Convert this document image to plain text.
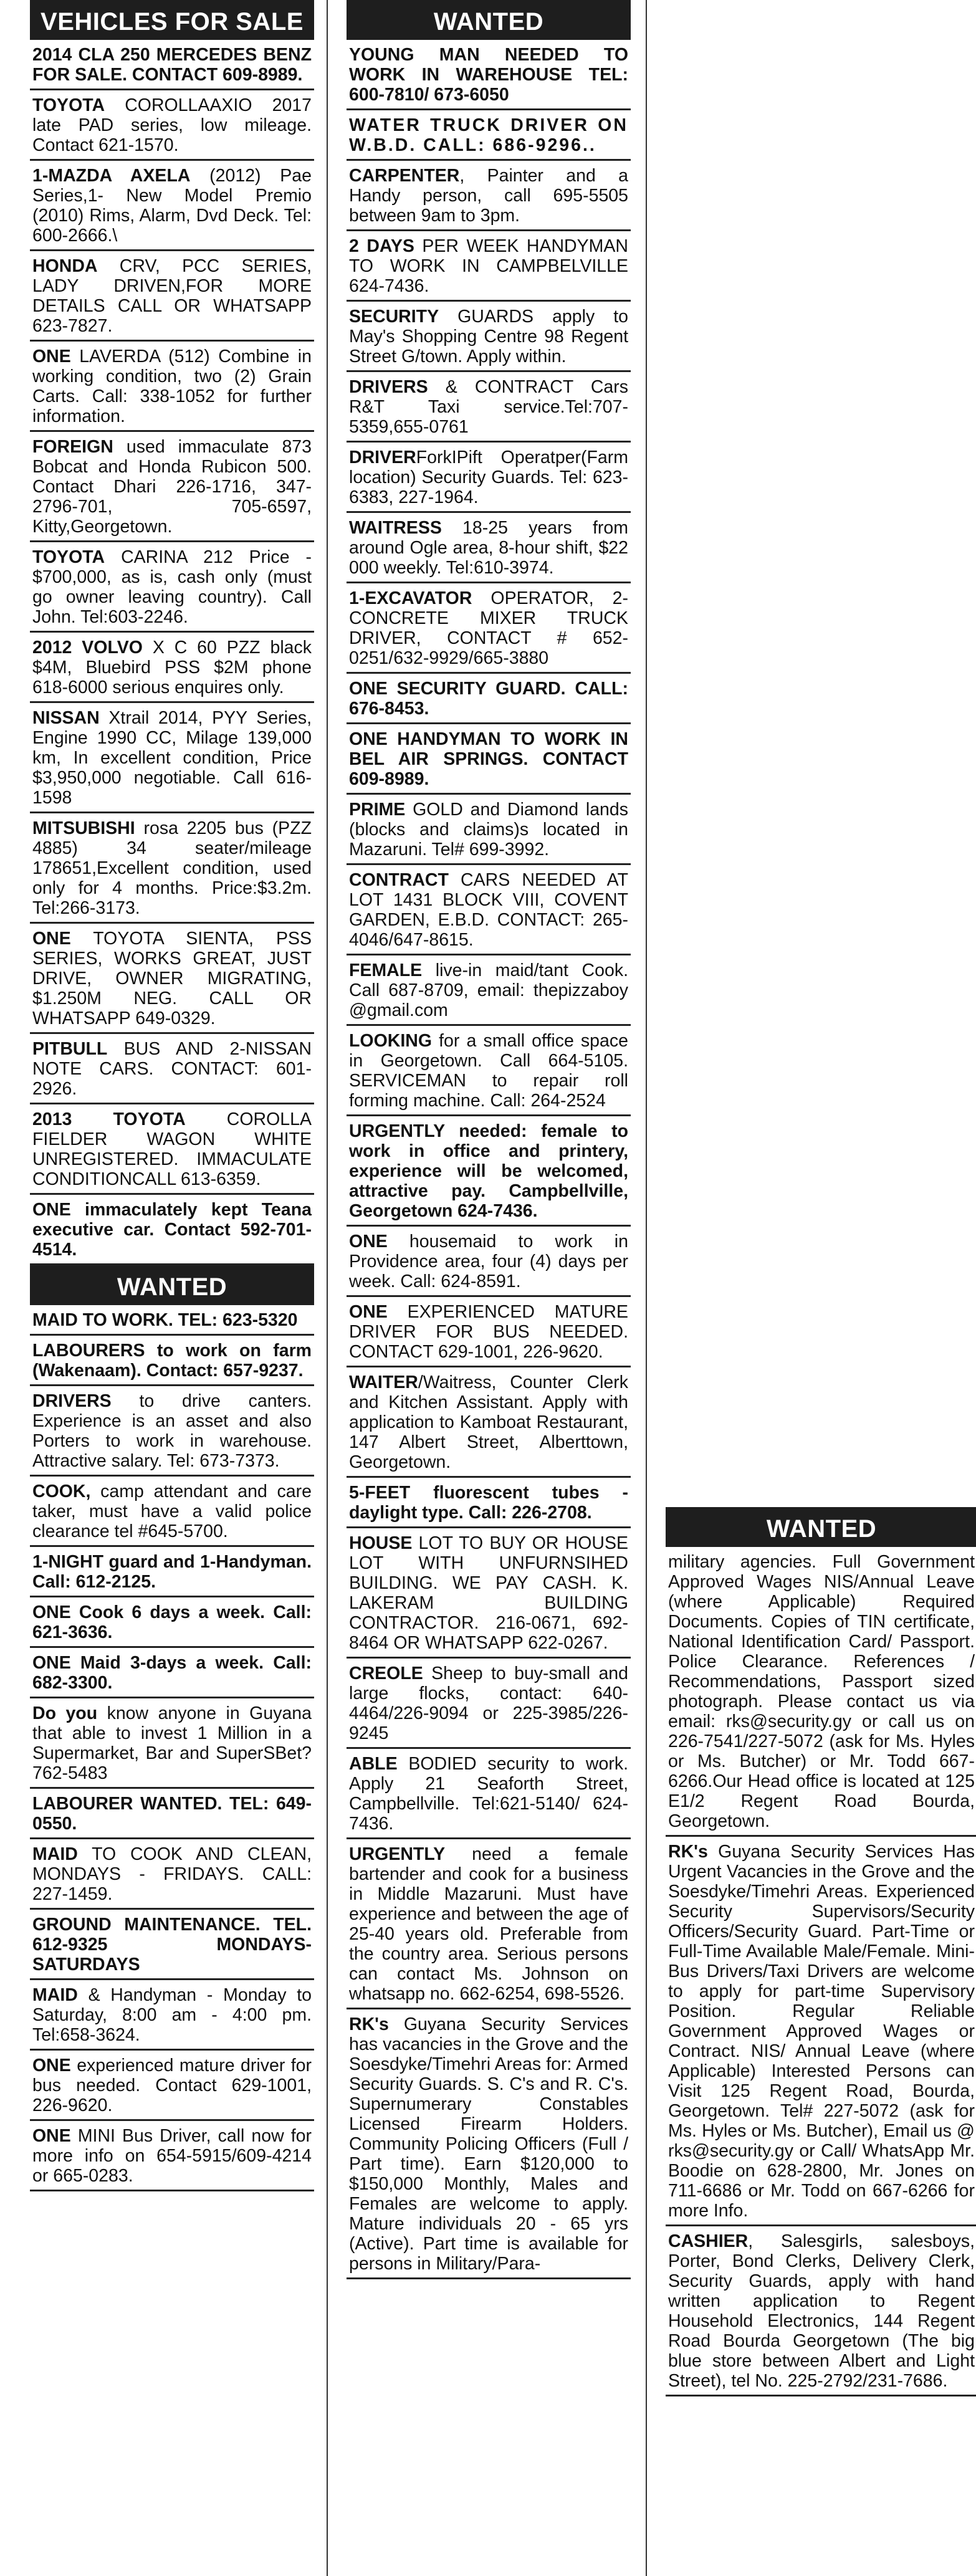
VEHICLES FOR SALE
2014 CLA 250 MERCEDES BENZ FOR SALE. CONTACT 609-8989.
TOYOTA COROLLAAXIO 2017 late PAD series, low mileage. Contact 621-1570.
1-MAZDA AXELA (2012) Pae Series,1- New Model Premio (2010) Rims, Alarm, Dvd Deck. Tel: 600-2666.\
HONDA CRV, PCC SERIES, LADY DRIVEN,FOR MORE DETAILS CALL OR WHATSAPP 623-7827.
ONE LAVERDA (512) Combine in working condition, two (2) Grain Carts. Call: 338-1052 for further information.
FOREIGN used immaculate 873 Bobcat and Honda Rubicon 500. Contact Dhari 226-1716, 347-2796-701, 705-6597, Kitty,Georgetown.
TOYOTA CARINA 212 Price - $700,000, as is, cash only (must go owner leaving country). Call John. Tel:603-2246.
2012 VOLVO X C 60 PZZ black $4M, Bluebird PSS $2M phone 618-6000 serious enquires only.
NISSAN Xtrail 2014, PYY Series, Engine 1990 CC, Milage 139,000 km, In excellent condition, Price $3,950,000 negotiable. Call 616-1598
MITSUBISHI rosa 2205 bus (PZZ 4885) 34 seater/mileage 178651,Excellent condition, used only for 4 months. Price:$3.2m. Tel:266-3173.
ONE TOYOTA SIENTA, PSS SERIES, WORKS GREAT, JUST DRIVE, OWNER MIGRATING, $1.250M NEG. CALL OR WHATSAPP 649-0329.
PITBULL BUS AND 2-NISSAN NOTE CARS. CONTACT: 601-2926.
2013 TOYOTA COROLLA FIELDER WAGON WHITE UNREGISTERED. IMMACULATE CONDITIONCALL 613-6359.
ONE immaculately kept Teana executive car. Contact 592-701-4514.
WANTED
MAID TO WORK. TEL: 623-5320
LABOURERS to work on farm (Wakenaam). Contact: 657-9237.
DRIVERS to drive canters. Experience is an asset and also Porters to work in warehouse. Attractive salary. Tel: 673-7373.
COOK, camp attendant and care taker, must have a valid police clearance tel #645-5700.
1-NIGHT guard and 1-Handyman. Call: 612-2125.
ONE Cook 6 days a week. Call: 621-3636.
ONE Maid 3-days a week. Call: 682-3300.
Do you know anyone in Guyana that able to invest 1 Million in a Supermarket, Bar and SuperSBet? 762-5483
LABOURER WANTED. TEL: 649-0550.
MAID TO COOK AND CLEAN, MONDAYS - FRIDAYS. CALL: 227-1459.
GROUND MAINTENANCE. TEL. 612-9325 MONDAYS-SATURDAYS
MAID & Handyman - Monday to Saturday, 8:00 am - 4:00 pm. Tel:658-3624.
ONE experienced mature driver for bus needed. Contact 629-1001, 226-9620.
ONE MINI Bus Driver, call now for more info on 654-5915/609-4214 or 665-0283.
WANTED
YOUNG MAN NEEDED TO WORK IN WAREHOUSE TEL: 600-7810/ 673-6050
WATER TRUCK DRIVER ON W.B.D. CALL: 686-9296..
CARPENTER, Painter and a Handy person, call 695-5505 between 9am to 3pm.
2 DAYS PER WEEK HANDYMAN TO WORK IN CAMPBELVILLE 624-7436.
SECURITY GUARDS apply to May's Shopping Centre 98 Regent Street G/town. Apply within.
DRIVERS & CONTRACT Cars R&T Taxi service.Tel:707-5359,655-0761
DRIVERForkIPift Operatper(Farm location) Security Guards. Tel: 623-6383, 227-1964.
WAITRESS 18-25 years from around Ogle area, 8-hour shift, $22 000 weekly. Tel:610-3974.
1-EXCAVATOR OPERATOR, 2- CONCRETE MIXER TRUCK DRIVER, CONTACT # 652-0251/632-9929/665-3880
ONE SECURITY GUARD. CALL: 676-8453.
ONE HANDYMAN TO WORK IN BEL AIR SPRINGS. CONTACT 609-8989.
PRIME GOLD and Diamond lands (blocks and claims)s located in Mazaruni. Tel# 699-3992.
CONTRACT CARS NEEDED AT LOT 1431 BLOCK VIII, COVENT GARDEN, E.B.D. CONTACT: 265-4046/647-8615.
FEMALE live-in maid/tant Cook. Call 687-8709, email: thepizzaboy @gmail.com
LOOKING for a small office space in Georgetown. Call 664-5105. SERVICEMAN to repair roll forming machine. Call: 264-2524
URGENTLY needed: female to work in office and printery, experience will be welcomed, attractive pay. Campbellville, Georgetown 624-7436.
ONE housemaid to work in Providence area, four (4) days per week. Call: 624-8591.
ONE EXPERIENCED MATURE DRIVER FOR BUS NEEDED. CONTACT 629-1001, 226-9620.
WAITER/Waitress, Counter Clerk and Kitchen Assistant. Apply with application to Kamboat Restaurant, 147 Albert Street, Alberttown, Georgetown.
5-FEET fluorescent tubes - daylight type. Call: 226-2708.
HOUSE LOT TO BUY OR HOUSE LOT WITH UNFURNSIHED BUILDING. WE PAY CASH. K. LAKERAM BUILDING CONTRACTOR. 216-0671, 692-8464 OR WHATSAPP 622-0267.
CREOLE Sheep to buy-small and large flocks, contact: 640-4464/226-9094 or 225-3985/226-9245
ABLE BODIED security to work. Apply 21 Seaforth Street, Campbellville. Tel:621-5140/ 624-7436.
URGENTLY need a female bartender and cook for a business in Middle Mazaruni. Must have experience and between the age of 25-40 years old. Preferable from the country area. Serious persons can contact Ms. Johnson on whatsapp no. 662-6254, 698-5526.
RK's Guyana Security Services has vacancies in the Grove and the Soesdyke/Timehri Areas for: Armed Security Guards. S. C's and R. C's. Supernumerary Constables Licensed Firearm Holders. Community Policing Officers (Full / Part time). Earn $120,000 to $150,000 Monthly, Males and Females are welcome to apply. Mature individuals 20 - 65 yrs (Active). Part time is available for persons in Military/Para-
WANTED
military agencies. Full Government Approved Wages NIS/Annual Leave (where Applicable) Required Documents. Copies of TIN certificate, National Identification Card/ Passport. Police Clearance. References / Recommendations, Passport sized photograph. Please contact us via email: rks@security.gy or call us on 226-7541/227-5072 (ask for Ms. Hyles or Ms. Butcher) or Mr. Todd 667-6266.Our Head office is located at 125 E1/2 Regent Road Bourda, Georgetown.
RK's Guyana Security Services Has Urgent Vacancies in the Grove and the Soesdyke/Timehri Areas. Experienced Security Supervisors/Security Officers/Security Guard. Part-Time or Full-Time Available Male/Female. Mini-Bus Drivers/Taxi Drivers are welcome to apply for part-time Supervisory Position. Regular Reliable Government Approved Wages or Contract. NIS/ Annual Leave (where Applicable) Interested Persons can Visit 125 Regent Road, Bourda, Georgetown. Tel# 227-5072 (ask for Ms. Hyles or Ms. Butcher), Email us @ rks@security.gy or Call/ WhatsApp Mr. Boodie on 628-2800, Mr. Jones on 711-6686 or Mr. Todd on 667-6266 for more Info.
CASHIER, Salesgirls, salesboys, Porter, Bond Clerks, Delivery Clerk, Security Guards, apply with hand written application to Regent Household Electronics, 144 Regent Road Bourda Georgetown (The big blue store between Albert and Light Street), tel No. 225-2792/231-7686.
